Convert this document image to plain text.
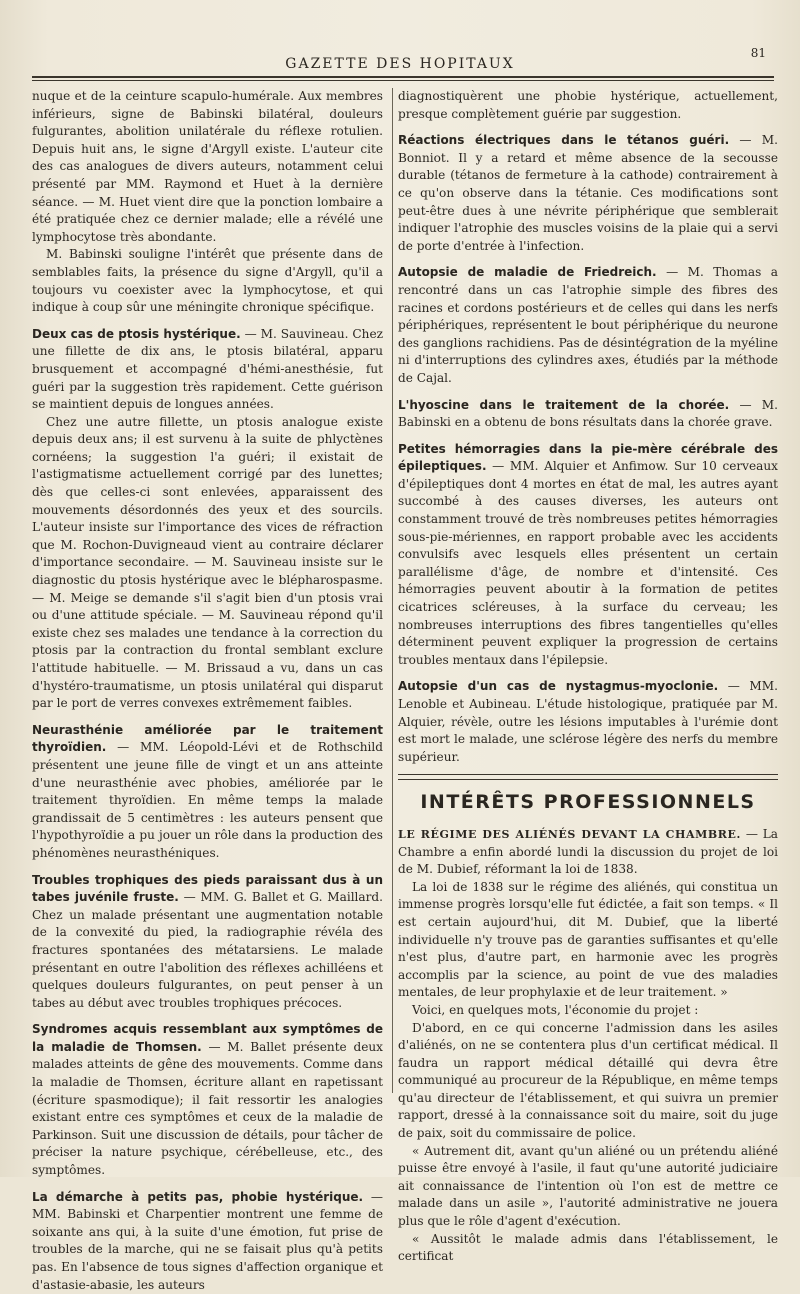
GAZETTE DES HOPITAUX
81

nuque et de la ceinture scapulo-humérale. Aux membres inférieurs, signe de Babinski bilatéral, douleurs fulgurantes, abolition unilatérale du réflexe rotulien. Depuis huit ans, le signe d'Argyll existe. L'auteur cite des cas analogues de divers auteurs, notamment celui présenté par MM. Raymond et Huet à la dernière séance. — M. Huet vient dire que la ponction lombaire a été pratiquée chez ce dernier malade; elle a révélé une lymphocytose très abondante.

M. Babinski souligne l'intérêt que présente dans de semblables faits, la présence du signe d'Argyll, qu'il a toujours vu coexister avec la lymphocytose, et qui indique à coup sûr une méningite chronique spécifique.

Deux cas de ptosis hystérique. — M. Sauvineau. Chez une fillette de dix ans, le ptosis bilatéral, apparu brusquement et accompagné d'hémi-anesthésie, fut guéri par la suggestion très rapidement. Cette guérison se maintient depuis de longues années.

Chez une autre fillette, un ptosis analogue existe depuis deux ans; il est survenu à la suite de phlyctènes cornéens; la suggestion l'a guéri; il existait de l'astigmatisme actuellement corrigé par des lunettes; dès que celles-ci sont enlevées, apparaissent des mouvements désordonnés des yeux et des sourcils. L'auteur insiste sur l'importance des vices de réfraction que M. Rochon-Duvigneaud vient au contraire déclarer d'importance secondaire. — M. Sauvineau insiste sur le diagnostic du ptosis hystérique avec le blépharospasme. — M. Meige se demande s'il s'agit bien d'un ptosis vrai ou d'une attitude spéciale. — M. Sauvineau répond qu'il existe chez ses malades une tendance à la correction du ptosis par la contraction du frontal semblant exclure l'attitude habituelle. — M. Brissaud a vu, dans un cas d'hystéro-traumatisme, un ptosis unilatéral qui disparut par le port de verres convexes extrêmement faibles.

Neurasthénie améliorée par le traitement thyroïdien. — MM. Léopold-Lévi et de Rothschild présentent une jeune fille de vingt et un ans atteinte d'une neurasthénie avec phobies, améliorée par le traitement thyroïdien. En même temps la malade grandissait de 5 centimètres : les auteurs pensent que l'hypothyroïdie a pu jouer un rôle dans la production des phénomènes neurasthéniques.

Troubles trophiques des pieds paraissant dus à un tabes juvénile fruste. — MM. G. Ballet et G. Maillard. Chez un malade présentant une augmentation notable de la convexité du pied, la radiographie révéla des fractures spontanées des métatarsiens. Le malade présentant en outre l'abolition des réflexes achilléens et quelques douleurs fulgurantes, on peut penser à un tabes au début avec troubles trophiques précoces.

Syndromes acquis ressemblant aux symptômes de la maladie de Thomsen. — M. Ballet présente deux malades atteints de gêne des mouvements. Comme dans la maladie de Thomsen, écriture allant en rapetissant (écriture spasmodique); il fait ressortir les analogies existant entre ces symptômes et ceux de la maladie de Parkinson. Suit une discussion de détails, pour tâcher de préciser la nature psychique, cérébelleuse, etc., des symptômes.

La démarche à petits pas, phobie hystérique. — MM. Babinski et Charpentier montrent une femme de soixante ans qui, à la suite d'une émotion, fut prise de troubles de la marche, qui ne se faisait plus qu'à petits pas. En l'absence de tous signes d'affection organique et d'astasie-abasie, les auteurs

diagnostiquèrent une phobie hystérique, actuellement, presque complètement guérie par suggestion.

Réactions électriques dans le tétanos guéri. — M. Bonniot. Il y a retard et même absence de la secousse durable (tétanos de fermeture à la cathode) contrairement à ce qu'on observe dans la tétanie. Ces modifications sont peut-être dues à une névrite périphérique que semblerait indiquer l'atrophie des muscles voisins de la plaie qui a servi de porte d'entrée à l'infection.

Autopsie de maladie de Friedreich. — M. Thomas a rencontré dans un cas l'atrophie simple des fibres des racines et cordons postérieurs et de celles qui dans les nerfs périphériques, représentent le bout périphérique du neurone des ganglions rachidiens. Pas de désintégration de la myéline ni d'interruptions des cylindres axes, étudiés par la méthode de Cajal.

L'hyoscine dans le traitement de la chorée. — M. Babinski en a obtenu de bons résultats dans la chorée grave.

Petites hémorragies dans la pie-mère cérébrale des épileptiques. — MM. Alquier et Anfimow. Sur 10 cerveaux d'épileptiques dont 4 mortes en état de mal, les autres ayant succombé à des causes diverses, les auteurs ont constamment trouvé de très nombreuses petites hémorragies sous-pie-mériennes, en rapport probable avec les accidents convulsifs avec lesquels elles présentent un certain parallélisme d'âge, de nombre et d'intensité. Ces hémorragies peuvent aboutir à la formation de petites cicatrices scléreuses, à la surface du cerveau; les nombreuses interruptions des fibres tangentielles qu'elles déterminent peuvent expliquer la progression de certains troubles mentaux dans l'épilepsie.

Autopsie d'un cas de nystagmus-myoclonie. — MM. Lenoble et Aubineau. L'étude histologique, pratiquée par M. Alquier, révèle, outre les lésions imputables à l'urémie dont est mort le malade, une sclérose légère des nerfs du membre supérieur.

INTÉRÊTS PROFESSIONNELS

LE RÉGIME DES ALIÉNÉS DEVANT LA CHAMBRE. — La Chambre a enfin abordé lundi la discussion du projet de loi de M. Dubief, réformant la loi de 1838.

La loi de 1838 sur le régime des aliénés, qui constitua un immense progrès lorsqu'elle fut édictée, a fait son temps. « Il est certain aujourd'hui, dit M. Dubief, que la liberté individuelle n'y trouve pas de garanties suffisantes et qu'elle n'est plus, d'autre part, en harmonie avec les progrès accomplis par la science, au point de vue des maladies mentales, de leur prophylaxie et de leur traitement. »

Voici, en quelques mots, l'économie du projet :

D'abord, en ce qui concerne l'admission dans les asiles d'aliénés, on ne se contentera plus d'un certificat médical. Il faudra un rapport médical détaillé qui devra être communiqué au procureur de la République, en même temps qu'au directeur de l'établissement, et qui suivra un premier rapport, dressé à la connaissance soit du maire, soit du juge de paix, soit du commissaire de police.

« Autrement dit, avant qu'un aliéné ou un prétendu aliéné puisse être envoyé à l'asile, il faut qu'une autorité judiciaire ait connaissance de l'intention où l'on est de mettre ce malade dans un asile », l'autorité administrative ne jouera plus que le rôle d'agent d'exécution.

« Aussitôt le malade admis dans l'établissement, le certificat
